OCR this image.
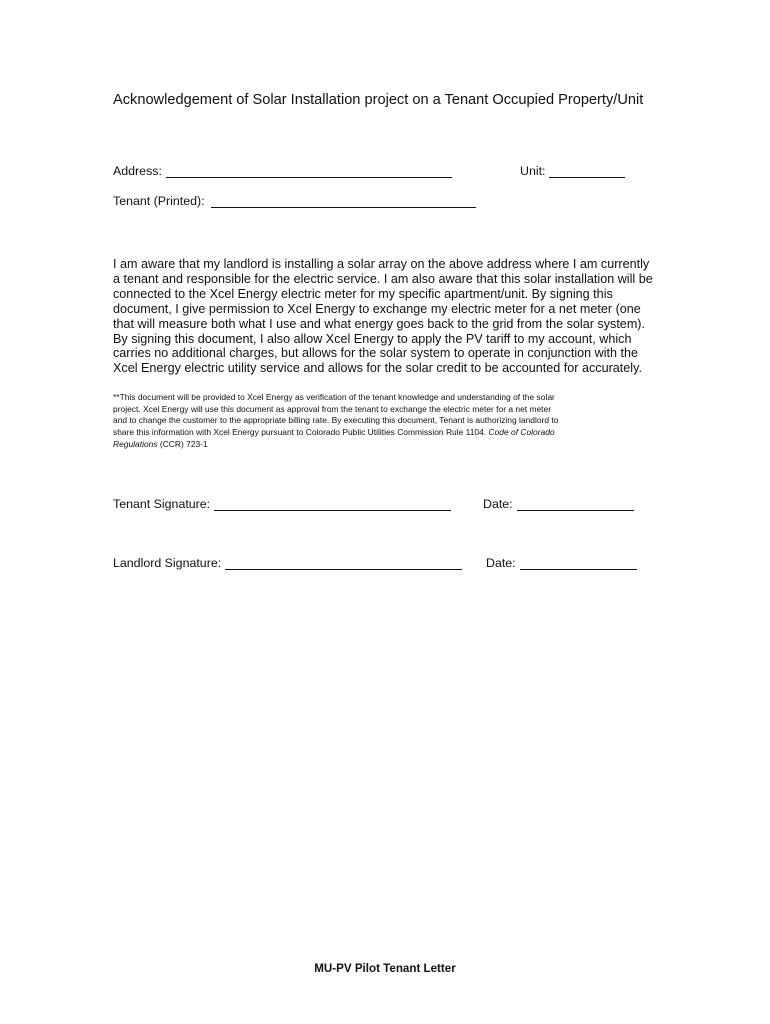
Acknowledgement of Solar Installation project on a Tenant Occupied Property/Unit
Address:	Unit:
Tenant (Printed):
I am aware that my landlord is installing a solar array on the above address where I am currently
a tenant and responsible for the electric service. I am also aware that this solar installation will be
connected to the Xcel Energy electric meter for my specific apartment/unit. By signing this
document, I give permission to Xcel Energy to exchange my electric meter for a net meter (one
that will measure both what I use and what energy goes back to the grid from the solar system).
By signing this document, I also allow Xcel Energy to apply the PV tariff to my account, which
carries no additional charges, but allows for the solar system to operate in conjunction with the
Xcel Energy electric utility service and allows for the solar credit to be accounted for accurately.
**This document will be provided to Xcel Energy as verification of the tenant knowledge and understanding of the solar
project. Xcel Energy will use this document as approval from the tenant to exchange the electric meter for a net meter
and to change the customer to the appropriate billing rate. By executing this document, Tenant is authorizing landlord to
share this information with Xcel Energy pursuant to Colorado Public Utilities Commission Rule 1104. Code of Colorado
Regulations (CCR) 723-1
Tenant Signature:	Date:
Landlord Signature:	Date:
MU-PV Pilot Tenant Letter
